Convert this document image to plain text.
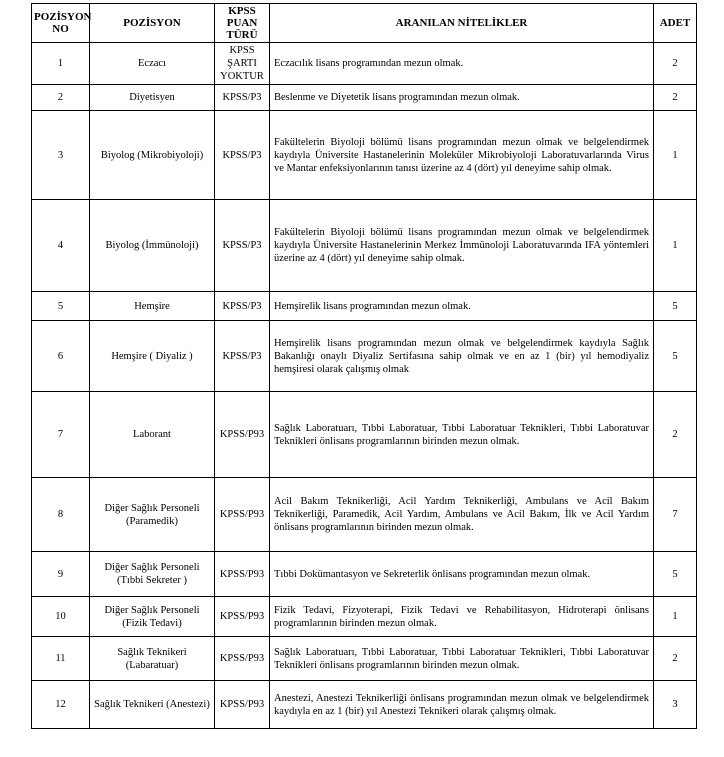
POZİSYON NO	POZİSYON	KPSS PUAN TÜRÜ	ARANILAN NİTELİKLER	ADET
1	Eczacı	KPSS ŞARTI YOKTUR	Eczacılık lisans programından mezun olmak.	2
2	Diyetisyen	KPSS/P3	Beslenme ve Diyetetik lisans programından mezun olmak.	2
3	Biyolog (Mikrobiyoloji)	KPSS/P3	Fakültelerin Biyoloji bölümü lisans programından mezun olmak ve belgelendirmek kaydıyla Üniversite Hastanelerinin Moleküler Mikrobiyoloji Laboratuvarlarında Virus ve Mantar enfeksiyonlarının tanısı üzerine az 4 (dört) yıl deneyime sahip olmak.	1
4	Biyolog (İmmünoloji)	KPSS/P3	Fakültelerin Biyoloji bölümü lisans programından mezun olmak ve belgelendirmek kaydıyla Üniversite Hastanelerinin Merkez İmmünoloji Laboratuvarında IFA yöntemleri üzerine az 4 (dört) yıl deneyime sahip olmak.	1
5	Hemşire	KPSS/P3	Hemşirelik lisans programından mezun olmak.	5
6	Hemşire ( Diyaliz )	KPSS/P3	Hemşirelik lisans programından mezun olmak ve belgelendirmek kaydıyla Sağlık Bakanlığı onaylı Diyaliz Sertifasına sahip olmak ve en az 1 (bir) yıl hemodiyaliz hemşiresi olarak çalışmış olmak	5
7	Laborant	KPSS/P93	Sağlık Laboratuarı, Tıbbi Laboratuar, Tıbbi Laboratuar Teknikleri, Tıbbi Laboratuvar Teknikleri önlisans programlarının birinden mezun olmak.	2
8	Diğer Sağlık Personeli (Paramedik)	KPSS/P93	Acil Bakım Teknikerliği, Acil Yardım Teknikerliği, Ambulans ve Acil Bakım Teknikerliği, Paramedik, Acil Yardım, Ambulans ve Acil Bakım, İlk ve Acil Yardım önlisans programlarının birinden mezun olmak.	7
9	Diğer Sağlık Personeli (Tıbbi Sekreter )	KPSS/P93	Tıbbi Dokümantasyon ve Sekreterlik önlisans programından mezun olmak.	5
10	Diğer Sağlık Personeli (Fizik Tedavi)	KPSS/P93	Fizik Tedavi, Fizyoterapi, Fizik Tedavi ve Rehabilitasyon, Hidroterapi önlisans programlarının birinden mezun olmak.	1
11	Sağlık Teknikeri (Labaratuar)	KPSS/P93	Sağlık Laboratuarı, Tıbbi Laboratuar, Tıbbi Laboratuar Teknikleri, Tıbbi Laboratuvar Teknikleri önlisans programlarının birinden mezun olmak.	2
12	Sağlık Teknikeri (Anestezi)	KPSS/P93	Anestezi, Anestezi Teknikerliği önlisans programından mezun olmak ve belgelendirmek kaydıyla en az 1 (bir) yıl Anestezi Teknikeri olarak çalışmış olmak.	3
